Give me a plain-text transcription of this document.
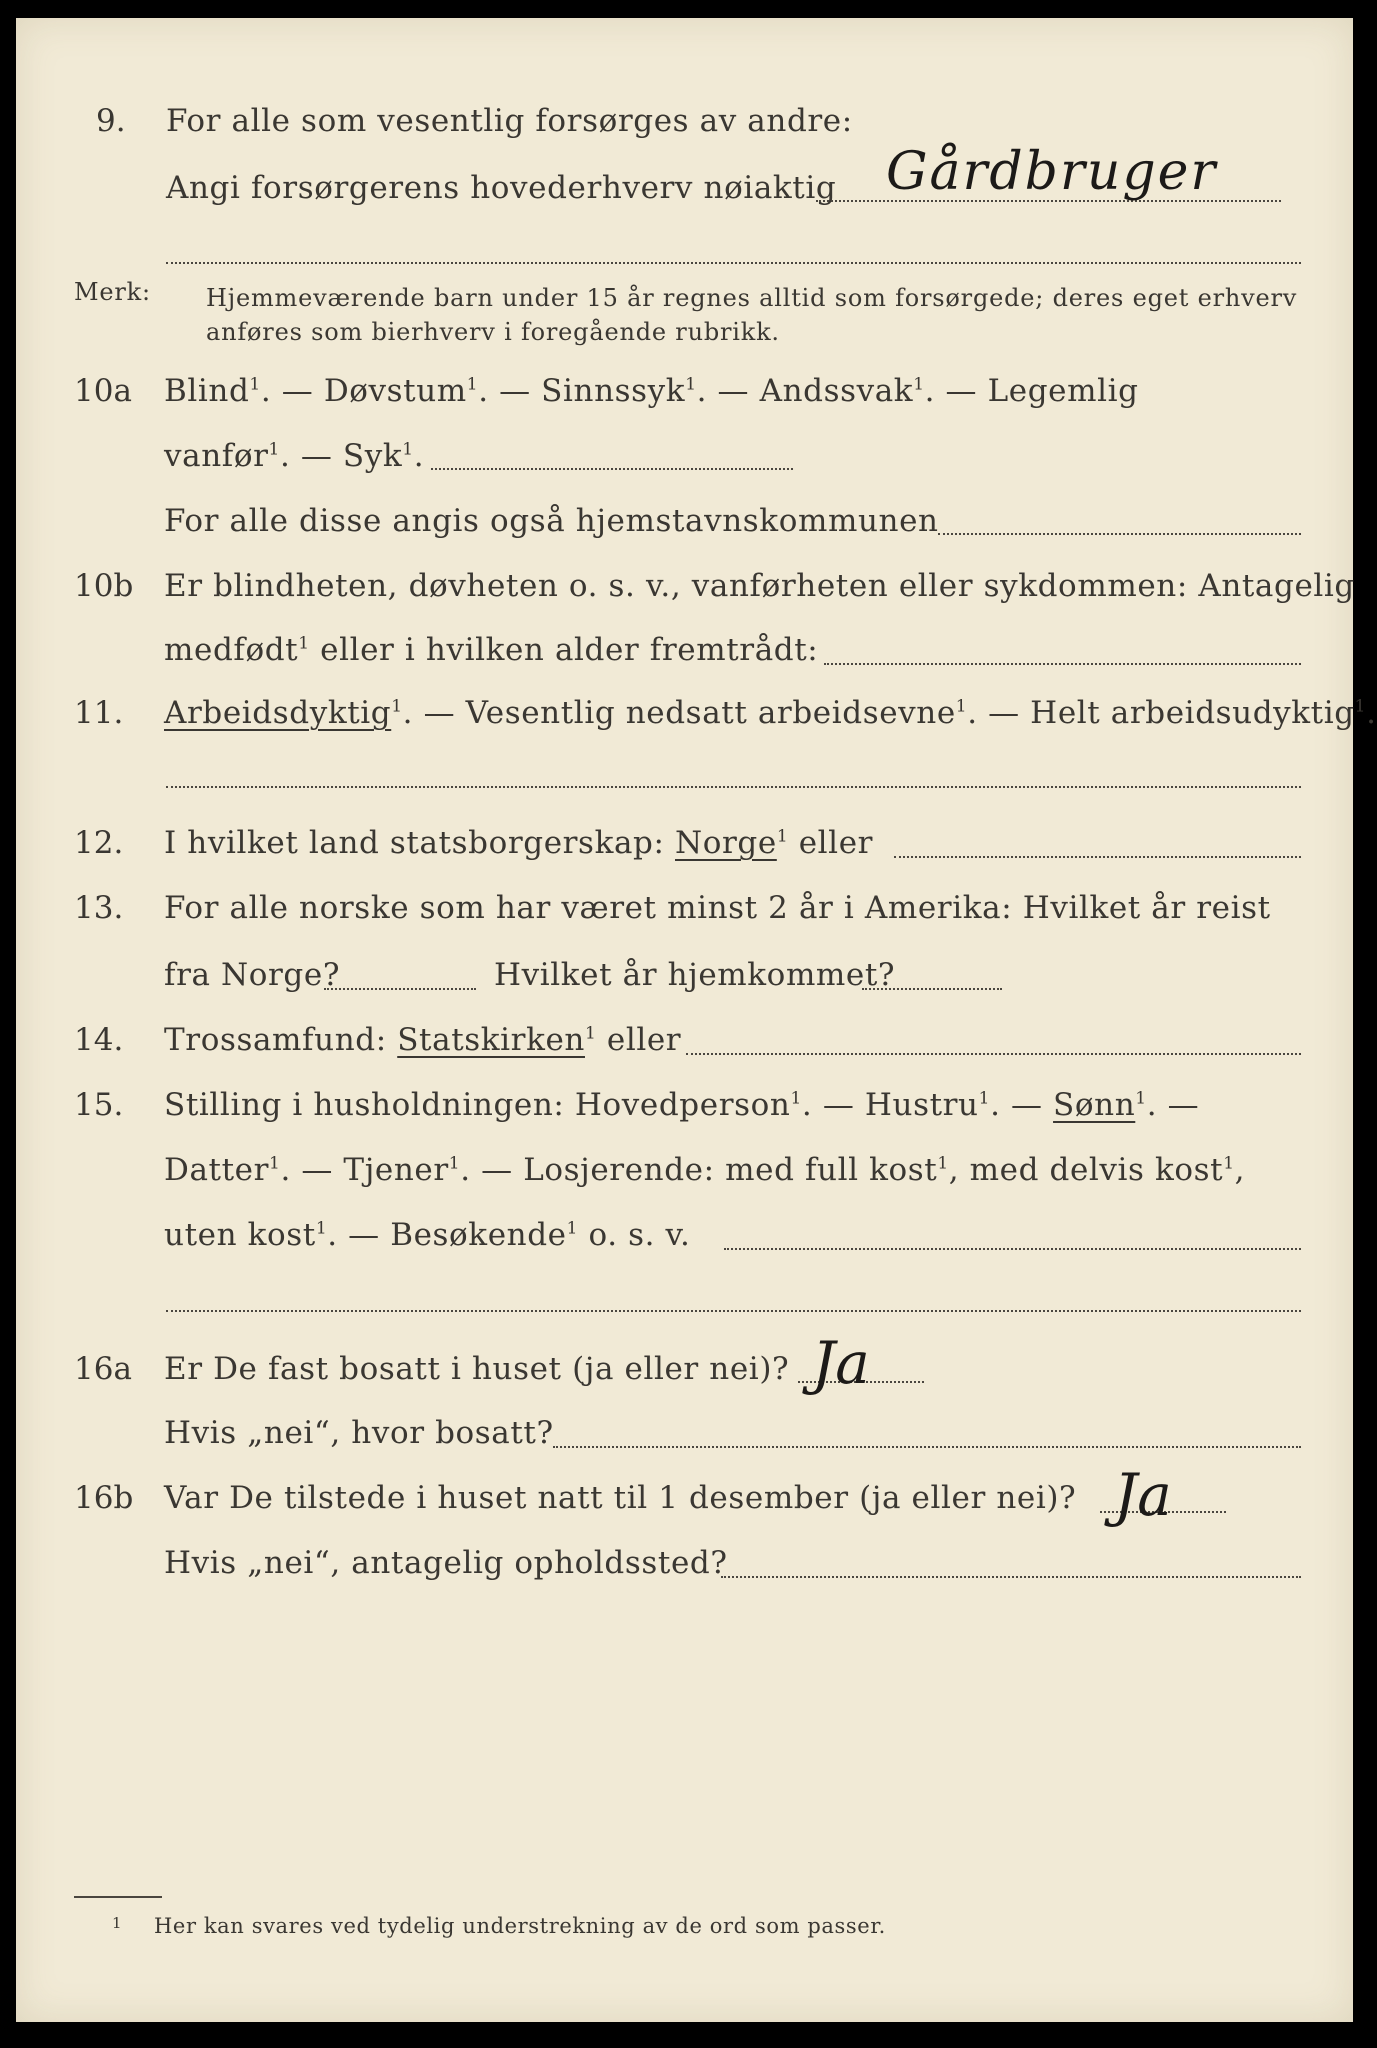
9. For alle som vesentlig forsørges av andre:
Angi forsørgerens hovederhverv nøiaktig Gårdbruger
Merk: Hjemmeværende barn under 15 år regnes alltid som forsørgede; deres eget erhverv
anføres som bierhverv i foregående rubrikk.
10a Blind$^1$. — Døvstum$^1$. — Sinnssyk$^1$. — Andssvak$^1$. — Legemlig
vanfør$^1$. — Syk$^1$.
For alle disse angis også hjemstavnskommunen
10b Er blindheten, døvheten o. s. v., vanførheten eller sykdommen: Antagelig
medfødt$^1$ eller i hvilken alder fremtrådt:
11. Arbeidsdyktig$^1$. — Vesentlig nedsatt arbeidsevne$^1$. — Helt arbeidsudyktig$^1$.
12. I hvilket land statsborgerskap: Norge$^1$ eller
13. For alle norske som har været minst 2 år i Amerika: Hvilket år reist
fra Norge?	Hvilket år hjemkommet?
14. Trossamfund: Statskirken$^1$ eller
15. Stilling i husholdningen: Hovedperson$^1$. — Hustru$^1$. — Sønn$^1$. —
Datter$^1$. — Tjener$^1$. — Losjerende: med full kost$^1$, med delvis kost$^1$,
uten kost$^1$. — Besøkende$^1$ o. s. v.
16a Er De fast bosatt i huset (ja eller nei)? Ja
Hvis „nei“, hvor bosatt?
16b Var De tilstede i huset natt til 1 desember (ja eller nei)? Ja
Hvis „nei“, antagelig opholdssted?
1 Her kan svares ved tydelig understrekning av de ord som passer.
